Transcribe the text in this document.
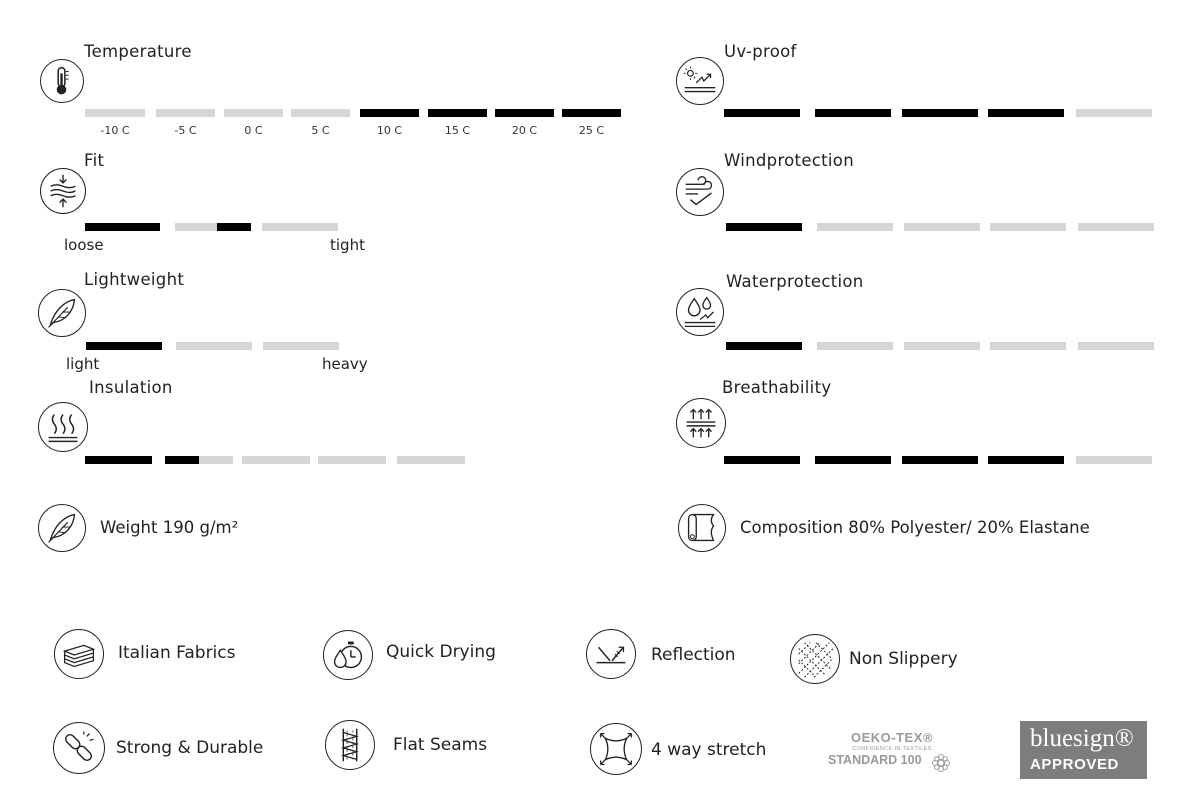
Temperature
-10 C	-5 C	0 C	5 C	10 C	15 C	20 C	25 C
Fit
loose	tight
Lightweight
light	heavy
Insulation
Uv-proof
Windprotection
Waterprotection
Breathability
Weight 190 g/m²	Composition 80% Polyester/ 20% Elastane
Italian Fabrics	Quick Drying	Reflection	Non Slippery
Strong & Durable	Flat Seams	4 way stretch
OEKO-TEX®
CONFIDENCE IN TEXTILES
STANDARD 100
bluesign®
APPROVED
